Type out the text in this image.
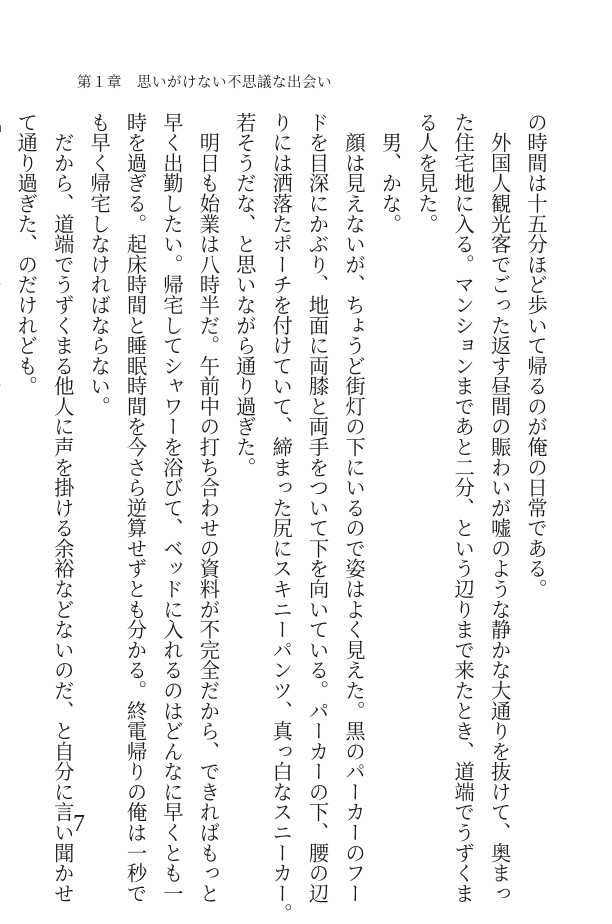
第１章　思いがけない不思議な出会い

の時間は十五分ほど歩いて帰るのが俺の日常である。

　外国人観光客でごった返す昼間の賑わいが嘘のような静かな大通りを抜けて、奥まっ

た住宅地に入る。マンションまであと二分、という辺りまで来たとき、道端でうずくま

る人を見た。

　男、かな。

　顔は見えないが、ちょうど街灯の下にいるので姿はよく見えた。黒のパーカーのフー

ドを目深にかぶり、地面に両膝と両手をついて下を向いている。パーカーの下、腰の辺

りには洒落たポーチを付けていて、締まった尻にスキニーパンツ、真っ白なスニーカー。

若そうだな、と思いながら通り過ぎた。

　明日も始業は八時半だ。午前中の打ち合わせの資料が不完全だから、できればもっと

早く出勤したい。帰宅してシャワーを浴びて、ベッドに入れるのはどんなに早くとも一

時を過ぎる。起床時間と睡眠時間を今さら逆算せずとも分かる。終電帰りの俺は一秒で

も早く帰宅しなければならない。

　だから、道端でうずくまる他人に声を掛ける余裕などないのだ、と自分に言い聞かせ

て通り過ぎた、のだけれども。

7
